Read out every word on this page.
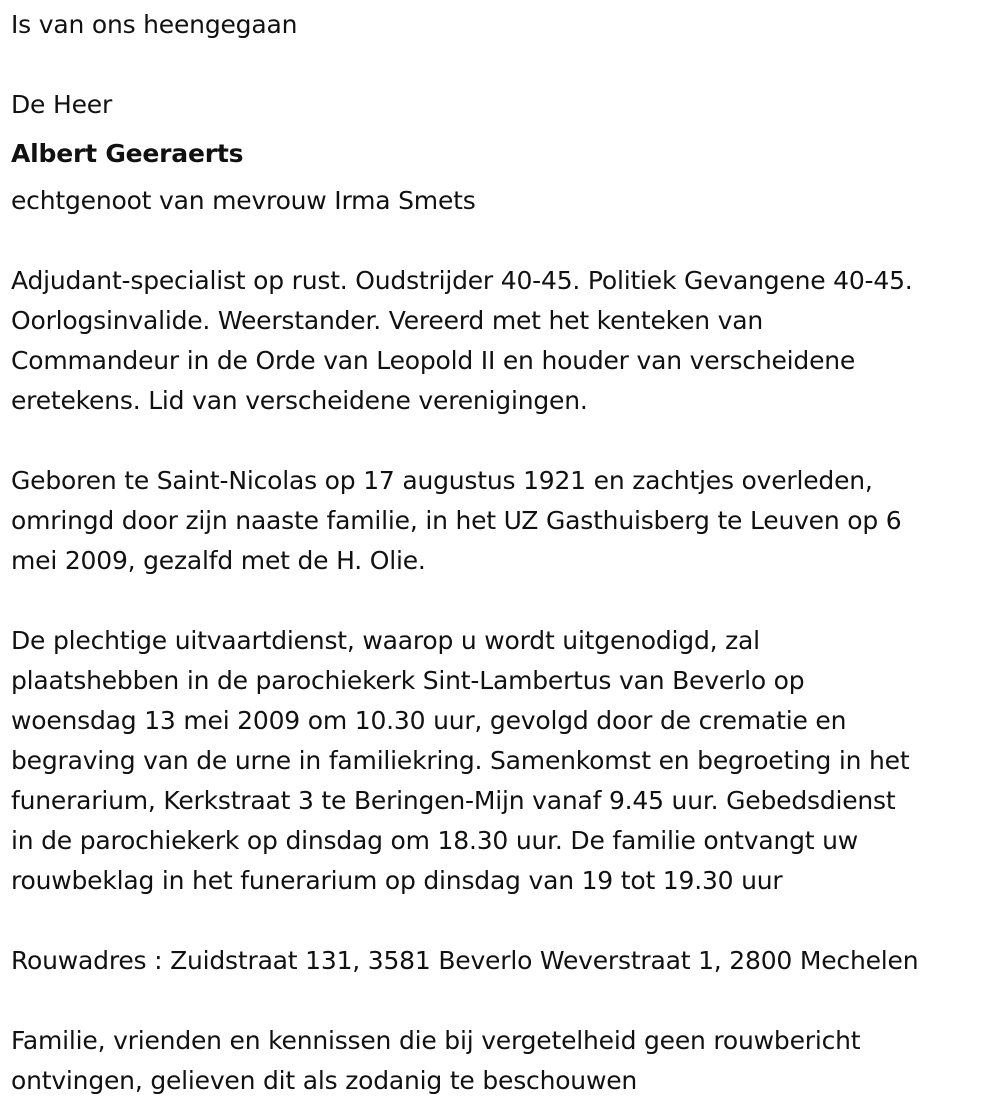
Is van ons heengegaan

De Heer

Albert Geeraerts

echtgenoot van mevrouw Irma Smets

Adjudant-specialist op rust. Oudstrijder 40-45. Politiek Gevangene 40-45.
Oorlogsinvalide. Weerstander. Vereerd met het kenteken van
Commandeur in de Orde van Leopold II en houder van verscheidene
eretekens. Lid van verscheidene verenigingen.
Geboren te Saint-Nicolas op 17 augustus 1921 en zachtjes overleden,
omringd door zijn naaste familie, in het UZ Gasthuisberg te Leuven op 6
mei 2009, gezalfd met de H. Olie.
De plechtige uitvaartdienst, waarop u wordt uitgenodigd, zal
plaatshebben in de parochiekerk Sint-Lambertus van Beverlo op
woensdag 13 mei 2009 om 10.30 uur, gevolgd door de crematie en
begraving van de urne in familiekring. Samenkomst en begroeting in het
funerarium, Kerkstraat 3 te Beringen-Mijn vanaf 9.45 uur. Gebedsdienst
in de parochiekerk op dinsdag om 18.30 uur. De familie ontvangt uw
rouwbeklag in het funerarium op dinsdag van 19 tot 19.30 uur

Rouwadres : Zuidstraat 131, 3581 Beverlo Weverstraat 1, 2800 Mechelen

Familie, vrienden en kennissen die bij vergetelheid geen rouwbericht
ontvingen, gelieven dit als zodanig te beschouwen
